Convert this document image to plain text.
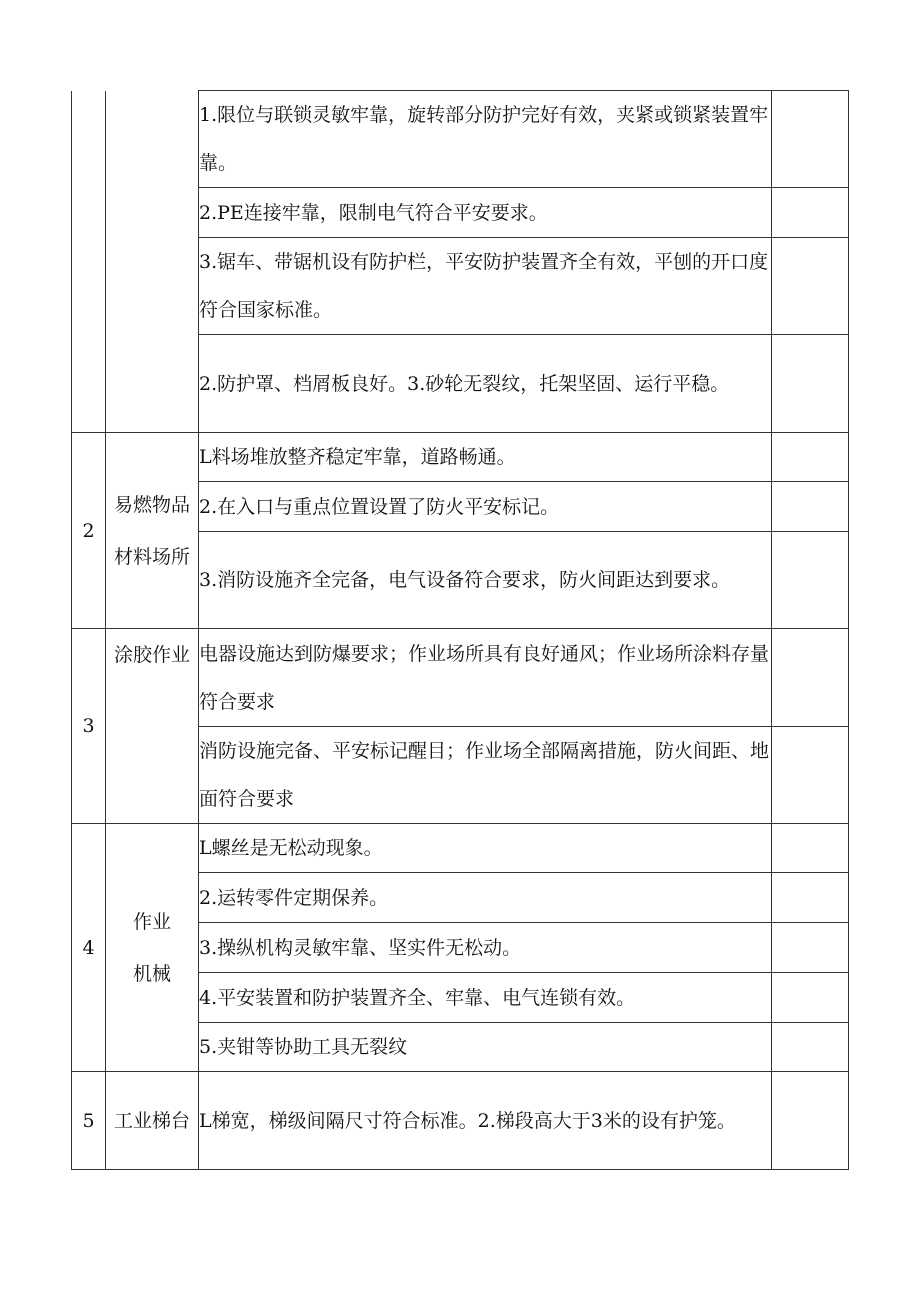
		1.限位与联锁灵敏牢靠，旋转部分防护完好有效，夹紧或锁紧装置牢靠。	
		2.PE连接牢靠，限制电气符合平安要求。	
		3.锯车、带锯机设有防护栏，平安防护装置齐全有效，平刨的开口度符合国家标准。	
		2.防护罩、档屑板良好。3.砂轮无裂纹，托架坚固、运行平稳。	
2	易燃物品材料场所	L料场堆放整齐稳定牢靠，道路畅通。	
		2.在入口与重点位置设置了防火平安标记。	
		3.消防设施齐全完备，电气设备符合要求，防火间距达到要求。	
3	涂胶作业	电器设施达到防爆要求；作业场所具有良好通风；作业场所涂料存量符合要求	
		消防设施完备、平安标记醒目；作业场全部隔离措施，防火间距、地面符合要求	
4	作业机械	L螺丝是无松动现象。	
		2.运转零件定期保养。	
		3.操纵机构灵敏牢靠、坚实件无松动。	
		4.平安装置和防护装置齐全、牢靠、电气连锁有效。	
		5.夹钳等协助工具无裂纹	
5	工业梯台	L梯宽，梯级间隔尺寸符合标准。2.梯段高大于3米的设有护笼。	
